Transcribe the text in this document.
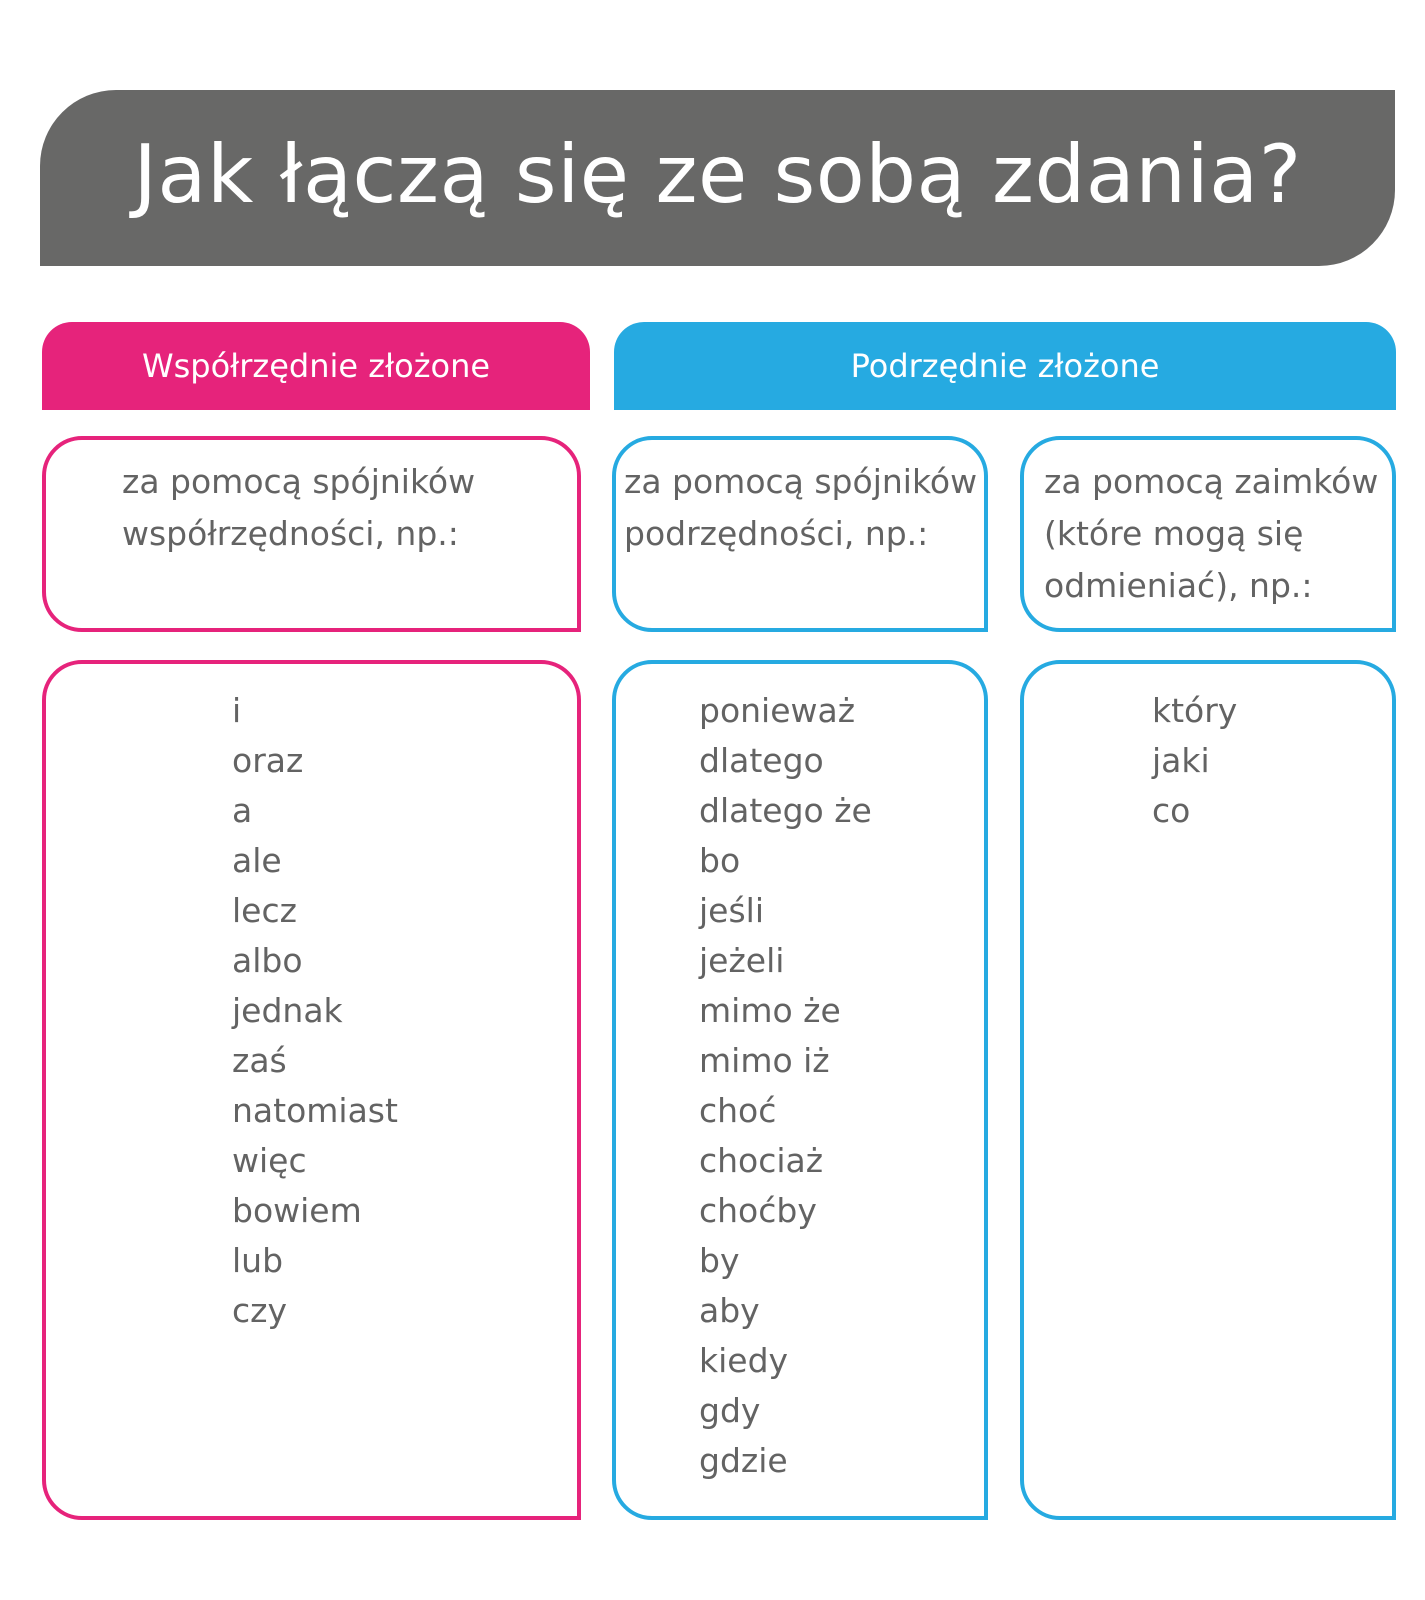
Jak łączą się ze sobą zdania?
Współrzędnie złożone	Podrzędnie złożone
za pomocą spójników
współrzędności, np.:
za pomocą spójników
podrzędności, np.:
za pomocą zaimków
(które mogą się
odmieniać), np.:
i
oraz
a
ale
lecz
albo
jednak
zaś
natomiast
więc
bowiem
lub
czy
ponieważ
dlatego
dlatego że
bo
jeśli
jeżeli
mimo że
mimo iż
choć
chociaż
choćby
by
aby
kiedy
gdy
gdzie
który
jaki
co
